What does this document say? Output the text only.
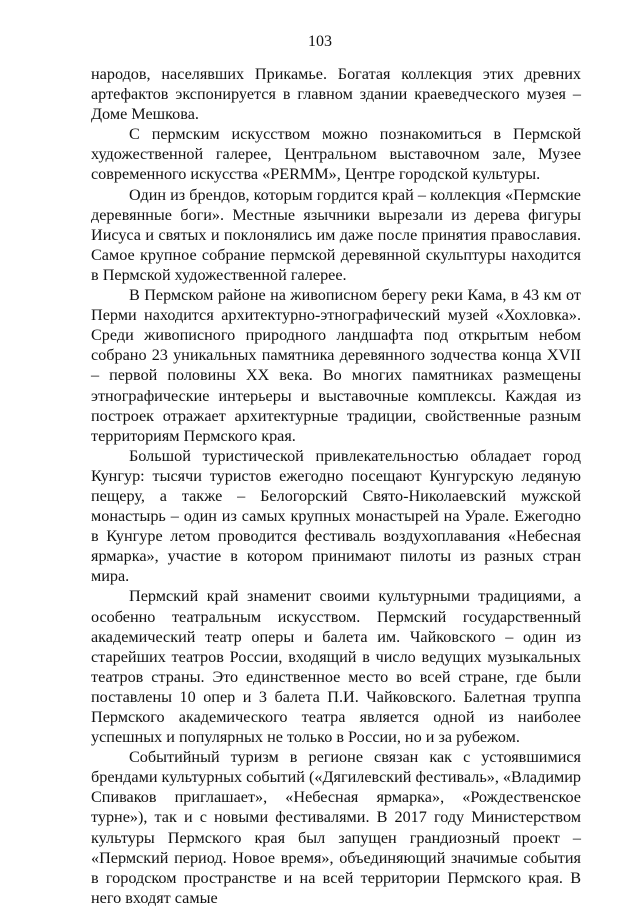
103

народов, населявших Прикамье. Богатая коллекция этих древних артефактов экспонируется в главном здании краеведческого музея – Доме Мешкова.

С пермским искусством можно познакомиться в Пермской художественной галерее, Центральном выставочном зале, Музее современного искусства «PERMM», Центре городской культуры.

Один из брендов, которым гордится край – коллекция «Пермские деревянные боги». Местные язычники вырезали из дерева фигуры Иисуса и святых и поклонялись им даже после принятия православия. Самое крупное собрание пермской деревянной скульптуры находится в Пермской художественной галерее.

В Пермском районе на живописном берегу реки Кама, в 43 км от Перми находится архитектурно-этнографический музей «Хохловка». Среди живописного природного ландшафта под открытым небом собрано 23 уникальных памятника деревянного зодчества конца XVII – первой половины XX века. Во многих памятниках размещены этнографические интерьеры и выставочные комплексы. Каждая из построек отражает архитектурные традиции, свойственные разным территориям Пермского края.

Большой туристической привлекательностью обладает город Кунгур: тысячи туристов ежегодно посещают Кунгурскую ледяную пещеру, а также – Белогорский Свято-Николаевский мужской монастырь – один из самых крупных монастырей на Урале. Ежегодно в Кунгуре летом проводится фестиваль воздухоплавания «Небесная ярмарка», участие в котором принимают пилоты из разных стран мира.

Пермский край знаменит своими культурными традициями, а особенно театральным искусством. Пермский государственный академический театр оперы и балета им. Чайковского – один из старейших театров России, входящий в число ведущих музыкальных театров страны. Это единственное место во всей стране, где были поставлены 10 опер и 3 балета П.И. Чайковского. Балетная труппа Пермского академического театра является одной из наиболее успешных и популярных не только в России, но и за рубежом.

Событийный туризм в регионе связан как с устоявшимися брендами культурных событий («Дягилевский фестиваль», «Владимир Спиваков приглашает», «Небесная ярмарка», «Рождественское турне»), так и с новыми фестивалями. В 2017 году Министерством культуры Пермского края был запущен грандиозный проект – «Пермский период. Новое время», объединяющий значимые события в городском пространстве и на всей территории Пермского края. В него входят самые
